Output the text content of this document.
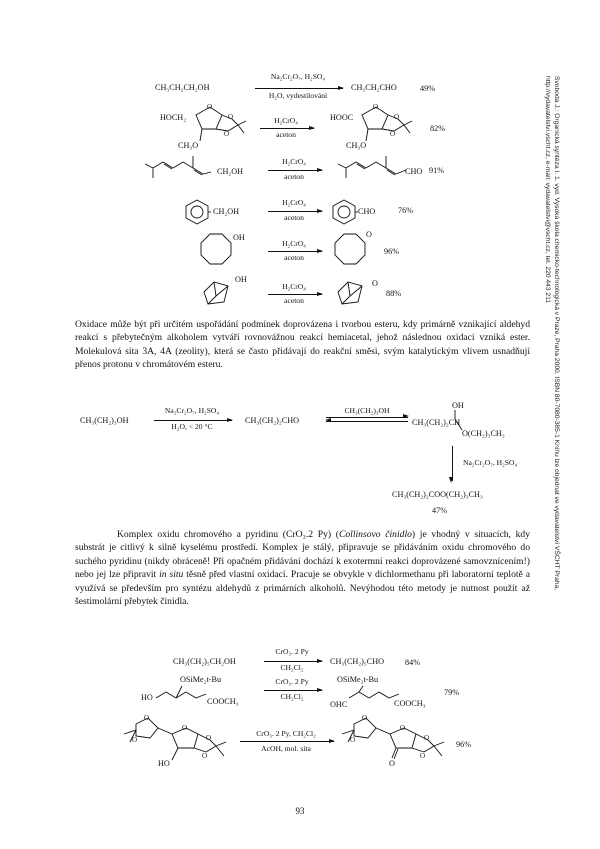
Svoboda J.: Organická syntéza I. 1. vyd. Vysoká škola chemicko-technologická v Praze, Praha 2000. ISBN 80-7080-385-1 Knihu lze objednat ve vydavatelství VŠCHT Praha, http://vydavatelstvi.vscht.cz, e-mail: vydavatelstvi@vscht.cz, tel. 220 443 211
CH₃CH₂CH₂OH
Na₂Cr₂O₇, H₂SO₄
H₂O, vydestilování
CH₃CH₂CHO	49%
HOCH₂
CH₃O
O
O
O
H₂CrO₄
aceton
HOOC
CH₃O
O
O
O
82%
CH₂OH
H₂CrO₄
aceton
CHO 91%
CH₂OH
H₂CrO₄
aceton
CHO	76%
OH
H₂CrO₄
aceton
O
96%
OH
H₂CrO₄
aceton
O
88%

Oxidace může být při určitém uspořádání podmínek doprovázena i tvorbou esteru, kdy primárně vznikající aldehyd reakcí s přebytečným alkoholem vytváří rovnovážnou reakcí hemiacetal, jehož následnou oxidací vzniká ester. Molekulová síta 3A, 4A (zeolity), která se často přidávají do reakční směsi, svým katalytickým vlivem usnadňují přenos protonu v chromátovém esteru.

CH₃(CH₂)₃OH
Na₂Cr₂O₇, H₂SO₄
H₂O, < 20 °C
CH₃(CH₂)₂CHO
CH₃(CH₂)₃OH
OH
CH₃(CH₂)₂CH
O(CH₂)₃CH₃
Na₂Cr₂O₇, H₂SO₄
CH₃(CH₂)₂COO(CH₂)₃CH₃
47%

Komplex oxidu chromového a pyridinu (CrO₃.2 Py) (Collinsovo činidlo) je vhodný v situacích, kdy substrát je citlivý k silně kyselému prostředí. Komplex je stálý, připravuje se přidáváním oxidu chromového do suchého pyridinu (nikdy obráceně! Při opačném přidávání dochází k exotermní reakci doprovázené samovznícením!) nebo jej lze připravit in situ těsně před vlastní oxidací. Pracuje se obvykle v dichlormethanu při laboratorní teplotě a využívá se především pro syntézu aldehydů z primárních alkoholů. Nevýhodou této metody je nutnost použít až šestimolární přebytek činidla.

CH₃(CH₂)₅CH₂OH
CrO₃. 2 Py
CH₂Cl₂
CH₃(CH₂)₅CHO	84%
OSiMe₂t-Bu
HO	COOCH₃
CrO₃. 2 Py
CH₂Cl₂
OSiMe₂t-Bu
OHC	COOCH₃
79%
O
O
O
O
O
HO
CrO₃. 2 Py, CH₂Cl₂
AcOH, mol. síta
O
O
O
O
O
O
96%
93
